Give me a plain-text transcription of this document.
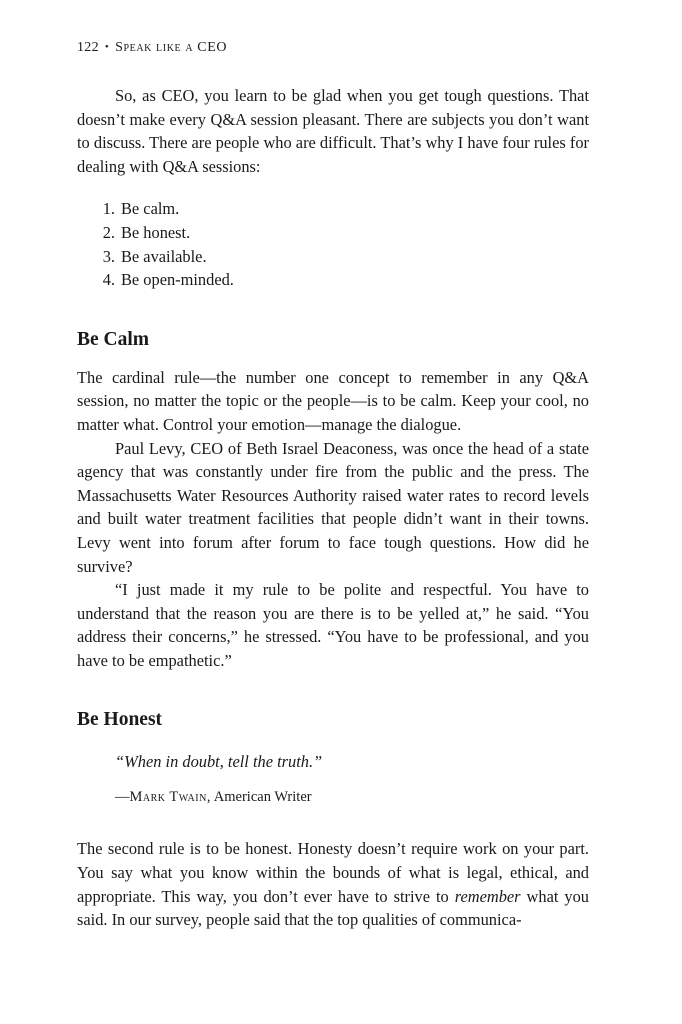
122 • Speak like a CEO

So, as CEO, you learn to be glad when you get tough questions. That doesn’t make every Q&A session pleasant. There are subjects you don’t want to discuss. There are people who are difficult. That’s why I have four rules for dealing with Q&A sessions:

1. Be calm.
2. Be honest.
3. Be available.
4. Be open-minded.
Be Calm

The cardinal rule—the number one concept to remember in any Q&A session, no matter the topic or the people—is to be calm. Keep your cool, no matter what. Control your emotion—manage the dialogue.

Paul Levy, CEO of Beth Israel Deaconess, was once the head of a state agency that was constantly under fire from the public and the press. The Massachusetts Water Resources Authority raised water rates to record levels and built water treatment facilities that people didn’t want in their towns. Levy went into forum after forum to face tough questions. How did he survive?

“I just made it my rule to be polite and respectful. You have to understand that the reason you are there is to be yelled at,” he said. “You address their concerns,” he stressed. “You have to be professional, and you have to be empathetic.”

Be Honest
“When in doubt, tell the truth.”
—Mark Twain, American Writer

The second rule is to be honest. Honesty doesn’t require work on your part. You say what you know within the bounds of what is legal, ethical, and appropriate. This way, you don’t ever have to strive to remember what you said. In our survey, people said that the top qualities of communica-
